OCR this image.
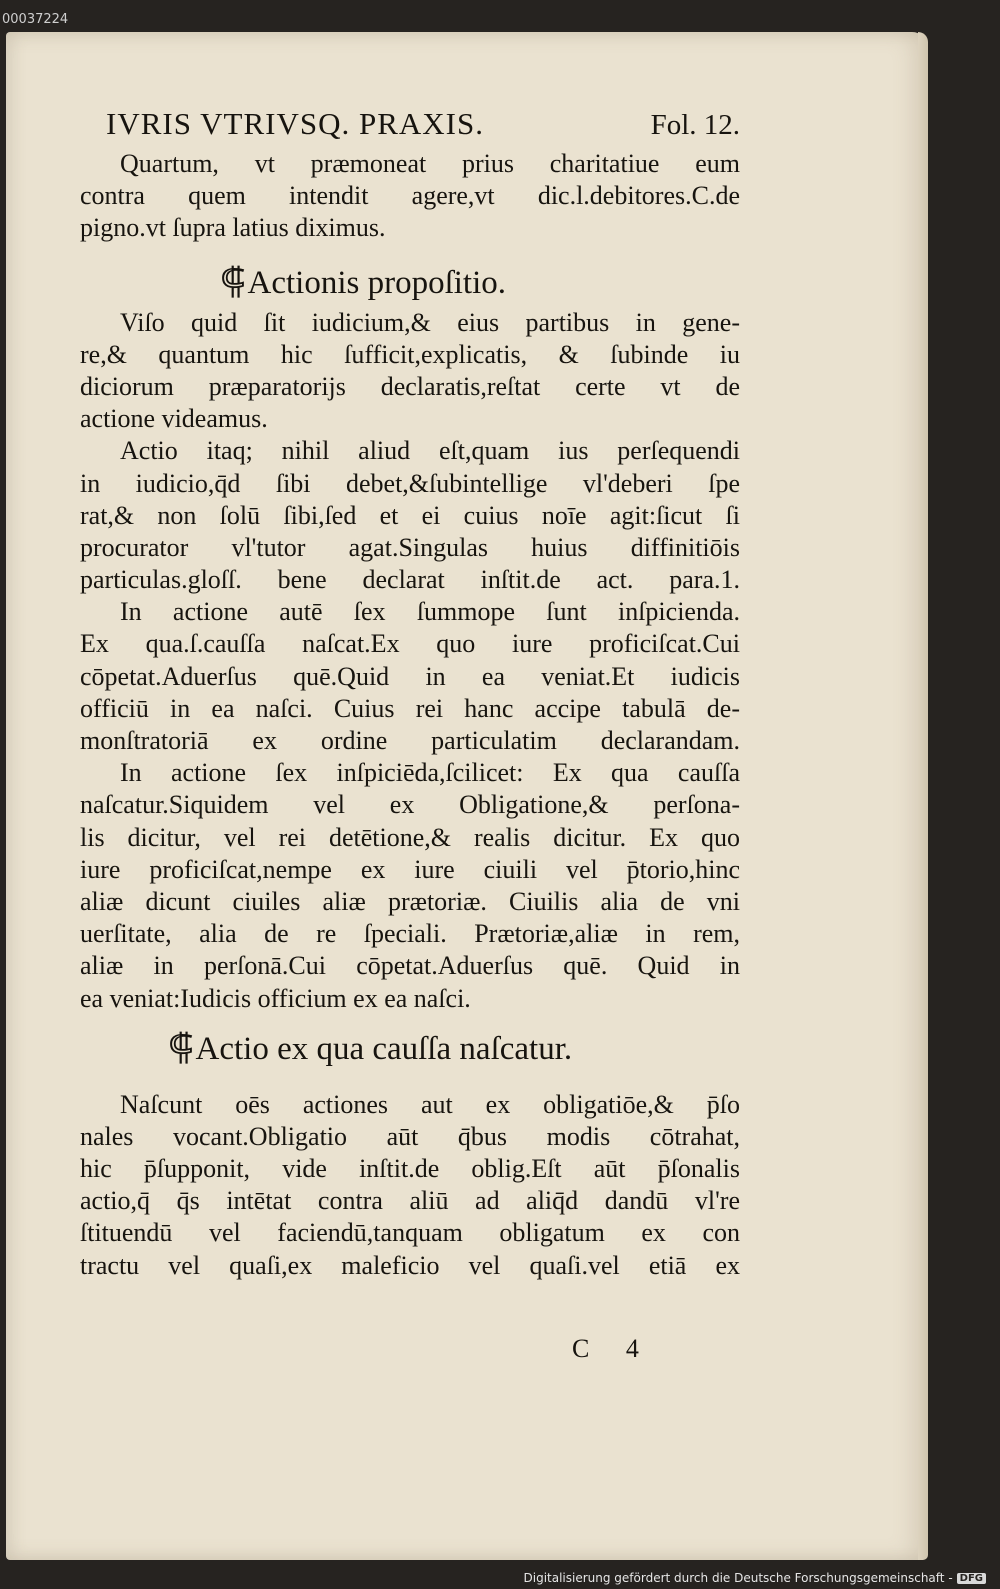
00037224
IVRIS VTRIVSQ. PRAXIS.	Fol. 12.
Quartum, vt præmoneat prius charitatiue eum
contra quem intendit agere,vt dic.l.debitores.C.de
pigno.vt ſupra latius diximus.
⸿Actionis propoſitio.
Viſo quid ſit iudicium,& eius partibus in gene-
re,& quantum hic ſufficit,explicatis, & ſubinde iu
diciorum præparatorijs declaratis,reſtat certe vt de
actione videamus.
Actio itaq; nihil aliud eſt,quam ius perſequendi
in iudicio,q̄d ſibi debet,&ſubintellige vl'deberi ſpe
rat,& non ſolū ſibi,ſed et ei cuius noīe agit:ſicut ſi
procurator vl'tutor agat.Singulas huius diffinitiōis
particulas.gloſſ. bene declarat inſtit.de act. para.1.
In actione autē ſex ſummope ſunt inſpicienda.
Ex qua.ſ.cauſſa naſcat.Ex quo iure proficiſcat.Cui
cōpetat.Aduerſus quē.Quid in ea veniat.Et iudicis
officiū in ea naſci. Cuius rei hanc accipe tabulā de-
monſtratoriā ex ordine particulatim declarandam.
In actione ſex inſpiciēda,ſcilicet: Ex qua cauſſa
naſcatur.Siquidem vel ex Obligatione,& perſona-
lis dicitur, vel rei detētione,& realis dicitur. Ex quo
iure proficiſcat,nempe ex iure ciuili vel p̄torio,hinc
aliæ dicunt ciuiles aliæ prætoriæ. Ciuilis alia de vni
uerſitate, alia de re ſpeciali. Prætoriæ,aliæ in rem,
aliæ in perſonā.Cui cōpetat.Aduerſus quē. Quid in
ea veniat:Iudicis officium ex ea naſci.
⸿Actio ex qua cauſſa naſcatur.
Naſcunt oēs actiones aut ex obligatiōe,& p̄ſo
nales vocant.Obligatio aūt q̄bus modis cōtrahat,
hic p̄ſupponit, vide inſtit.de oblig.Eſt aūt p̄ſonalis
actio,q̄ q̄s intētat contra aliū ad aliq̄d dandū vl're
ſtituendū vel faciendū,tanquam obligatum ex con
tractu vel quaſi,ex maleficio vel quaſi.vel etiā ex
C 4
Digitalisierung gefördert durch die Deutsche Forschungsgemeinschaft - DFG
